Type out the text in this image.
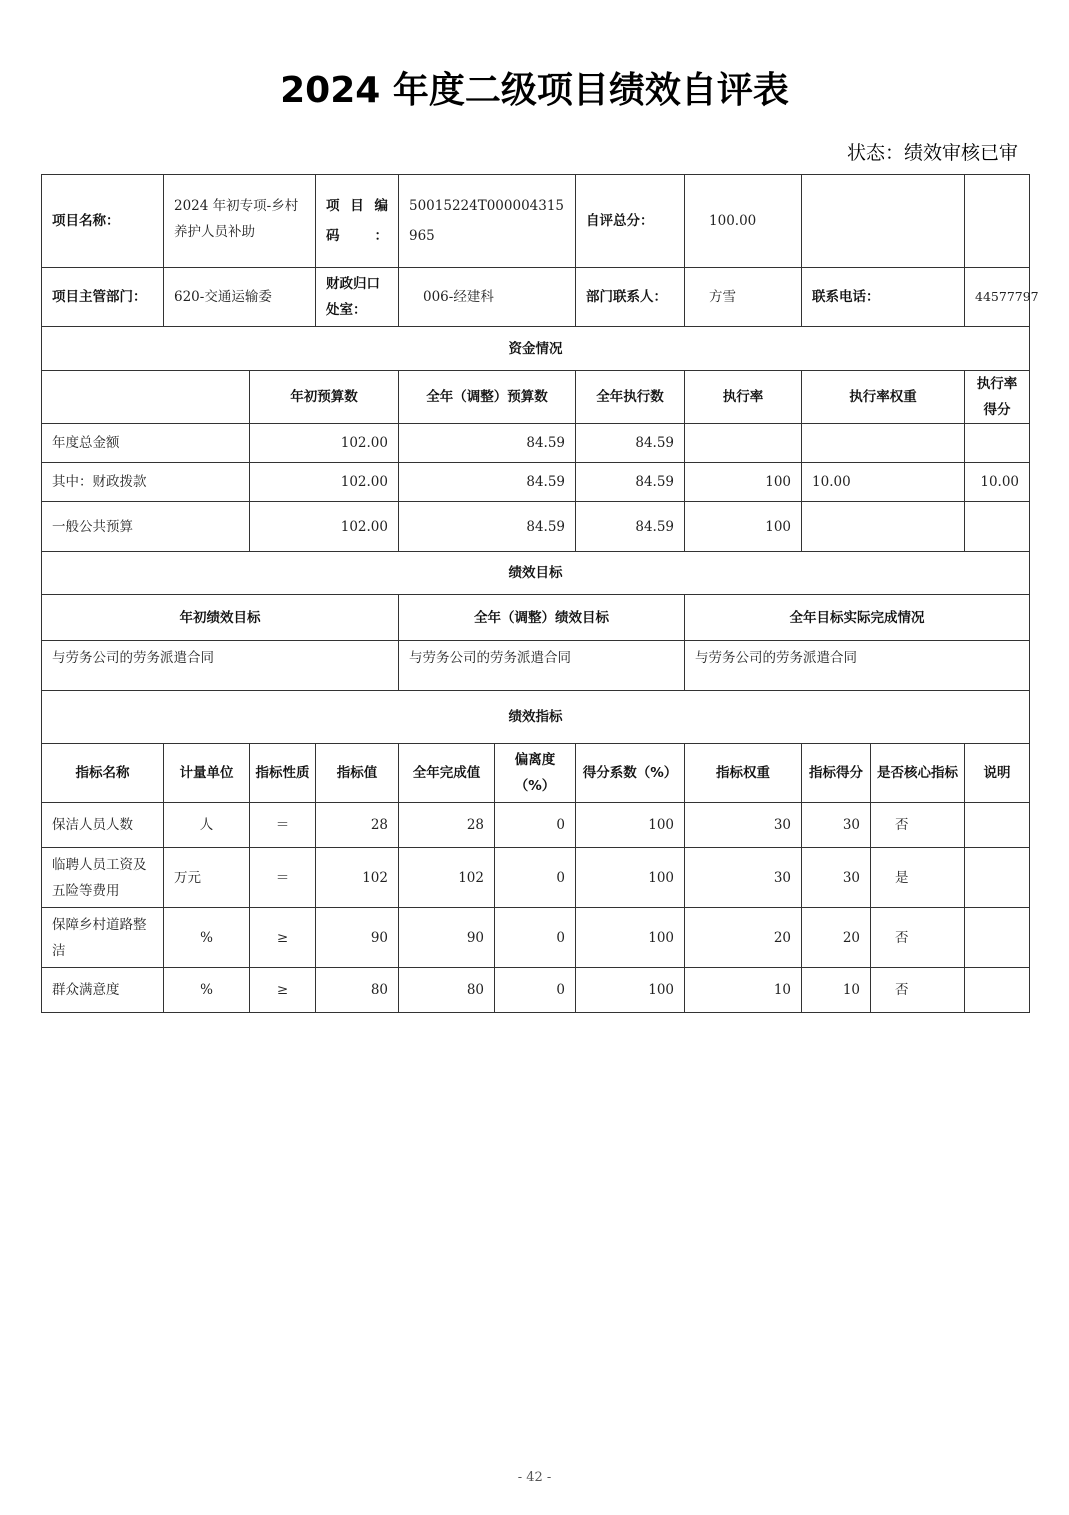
2024 年度二级项目绩效自评表
状态：绩效审核已审
项目名称：	2024 年初专项-乡村养护人员补助		项 目 编 码：	50015224T000004315965		自评总分：	100.00			
项目主管部门：	620-交通运输委		财政归口处室：	006-经建科		部门联系人：	方雪	联系电话：		44577797
资金情况										
		年初预算数		全年（调整）预算数		全年执行数	执行率	执行率权重		执行率得分
年度总金额		102.00		84.59		84.59				
其中：财政拨款		102.00		84.59		84.59	100	10.00		10.00
一般公共预算		102.00		84.59		84.59	100			
绩效目标										
年初绩效目标				全年（调整）绩效目标			全年目标实际完成情况			
与劳务公司的劳务派遣合同				与劳务公司的劳务派遣合同			与劳务公司的劳务派遣合同			
绩效指标										
指标名称	计量单位	指标性质	指标值	全年完成值	偏离度（%）	得分系数（%）	指标权重	指标得分	是否核心指标	说明
保洁人员人数	人	＝	28	28	0	100	30	30	否	
临聘人员工资及五险等费用	万元	＝	102	102	0	100	30	30	是	
保障乡村道路整洁	%	≥	90	90	0	100	20	20	否	
群众满意度	%	≥	80	80	0	100	10	10	否	
- 42 -
